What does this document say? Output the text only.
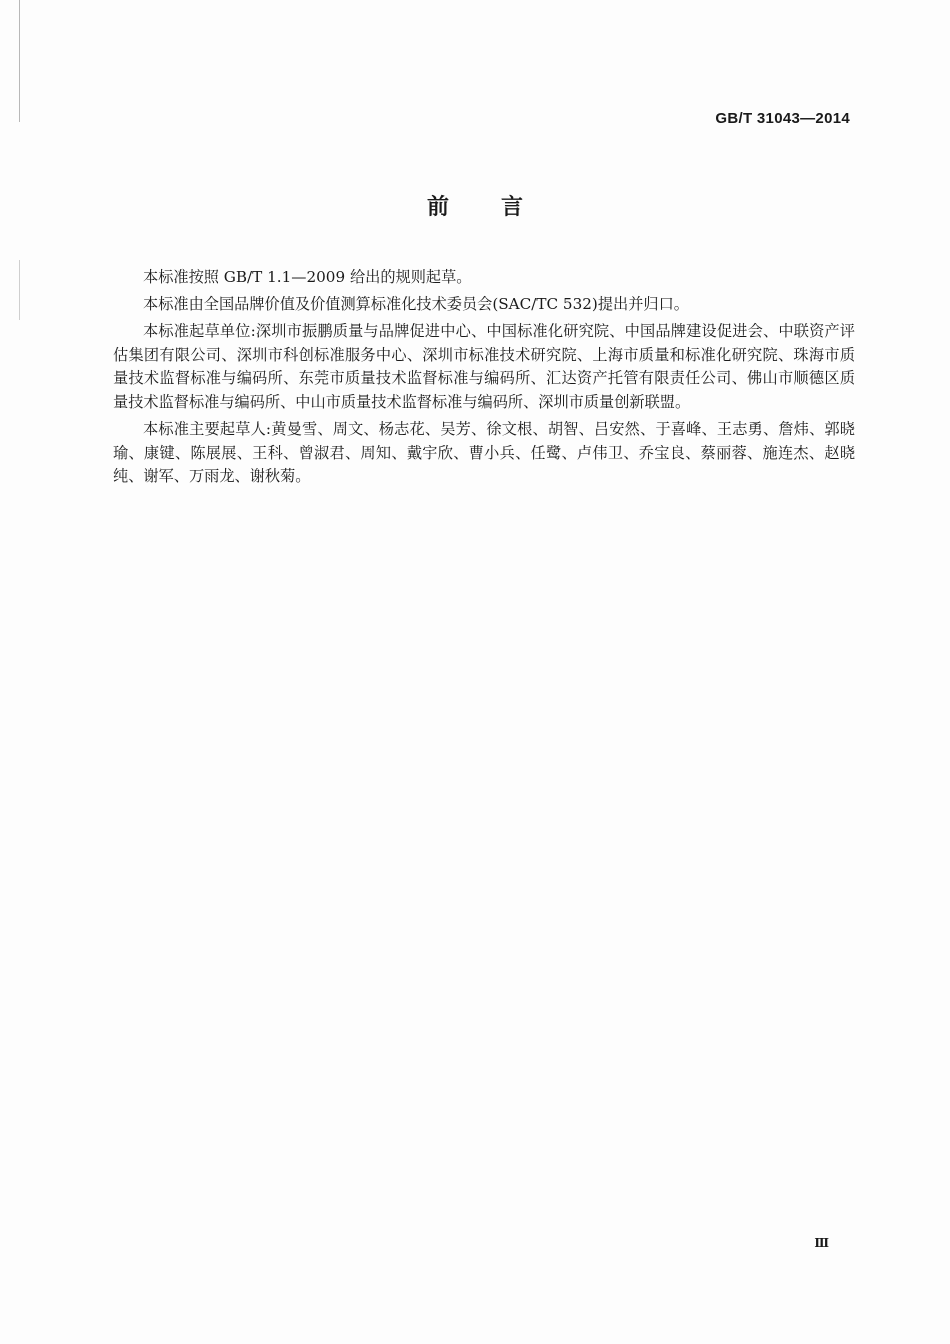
GB/T 31043—2014
前言

本标准按照 GB/T 1.1—2009 给出的规则起草。

本标准由全国品牌价值及价值测算标准化技术委员会(SAC/TC 532)提出并归口。

本标准起草单位:深圳市振鹏质量与品牌促进中心、中国标准化研究院、中国品牌建设促进会、中联资产评估集团有限公司、深圳市科创标准服务中心、深圳市标准技术研究院、上海市质量和标准化研究院、珠海市质量技术监督标准与编码所、东莞市质量技术监督标准与编码所、汇达资产托管有限责任公司、佛山市顺德区质量技术监督标准与编码所、中山市质量技术监督标准与编码所、深圳市质量创新联盟。

本标准主要起草人:黄曼雪、周文、杨志花、吴芳、徐文根、胡智、吕安然、于喜峰、王志勇、詹炜、郭晓瑜、康键、陈展展、王科、曾淑君、周知、戴宇欣、曹小兵、任鹭、卢伟卫、乔宝良、蔡丽蓉、施连杰、赵晓纯、谢军、万雨龙、谢秋菊。

Ⅲ
